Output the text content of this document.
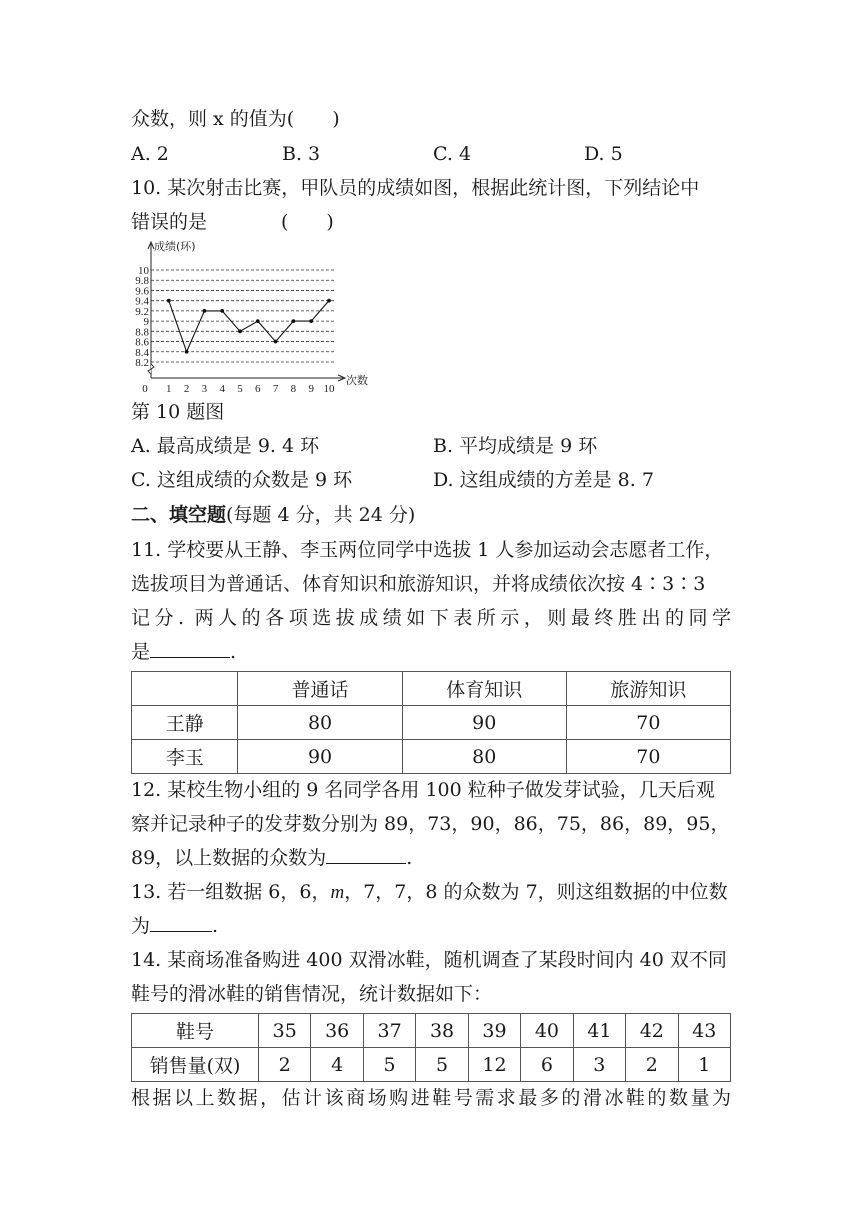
众数，则 x 的值为(　　)
A. 2	B. 3	C. 4	D. 5
10. 某次射击比赛，甲队员的成绩如图，根据此统计图，下列结论中
错误的是	(　　)
8.2
8.4
8.6
8.8
9
9.2
9.4
9.6
9.8
10
1 2 3 4 5 6 7 8 9 10
0
成绩(环)
次数
第 10 题图
A. 最高成绩是 9. 4 环	B. 平均成绩是 9 环
C. 这组成绩的众数是 9 环	D. 这组成绩的方差是 8. 7
二、填空题(每题 4 分，共 24 分)
11. 学校要从王静、李玉两位同学中选拔 1 人参加运动会志愿者工作，
选拔项目为普通话、体育知识和旅游知识，并将成绩依次按 4∶3∶3
记分. 两人的各项选拔成绩如下表所示，则最终胜出的同学
是	.
	普通话	体育知识	旅游知识
王静	80	90	70
李玉	90	80	70
12. 某校生物小组的 9 名同学各用 100 粒种子做发芽试验，几天后观
察并记录种子的发芽数分别为 89，73，90，86，75，86，89，95，
89，以上数据的众数为	.
13. 若一组数据 6，6，m，7，7，8 的众数为 7，则这组数据的中位数
为	.
14. 某商场准备购进 400 双滑冰鞋，随机调查了某段时间内 40 双不同
鞋号的滑冰鞋的销售情况，统计数据如下：
鞋号	35	36	37	38	39	40	41	42	43
销售量(双)	2	4	5	5	12	6	3	2	1
根据以上数据，估计该商场购进鞋号需求最多的滑冰鞋的数量为
